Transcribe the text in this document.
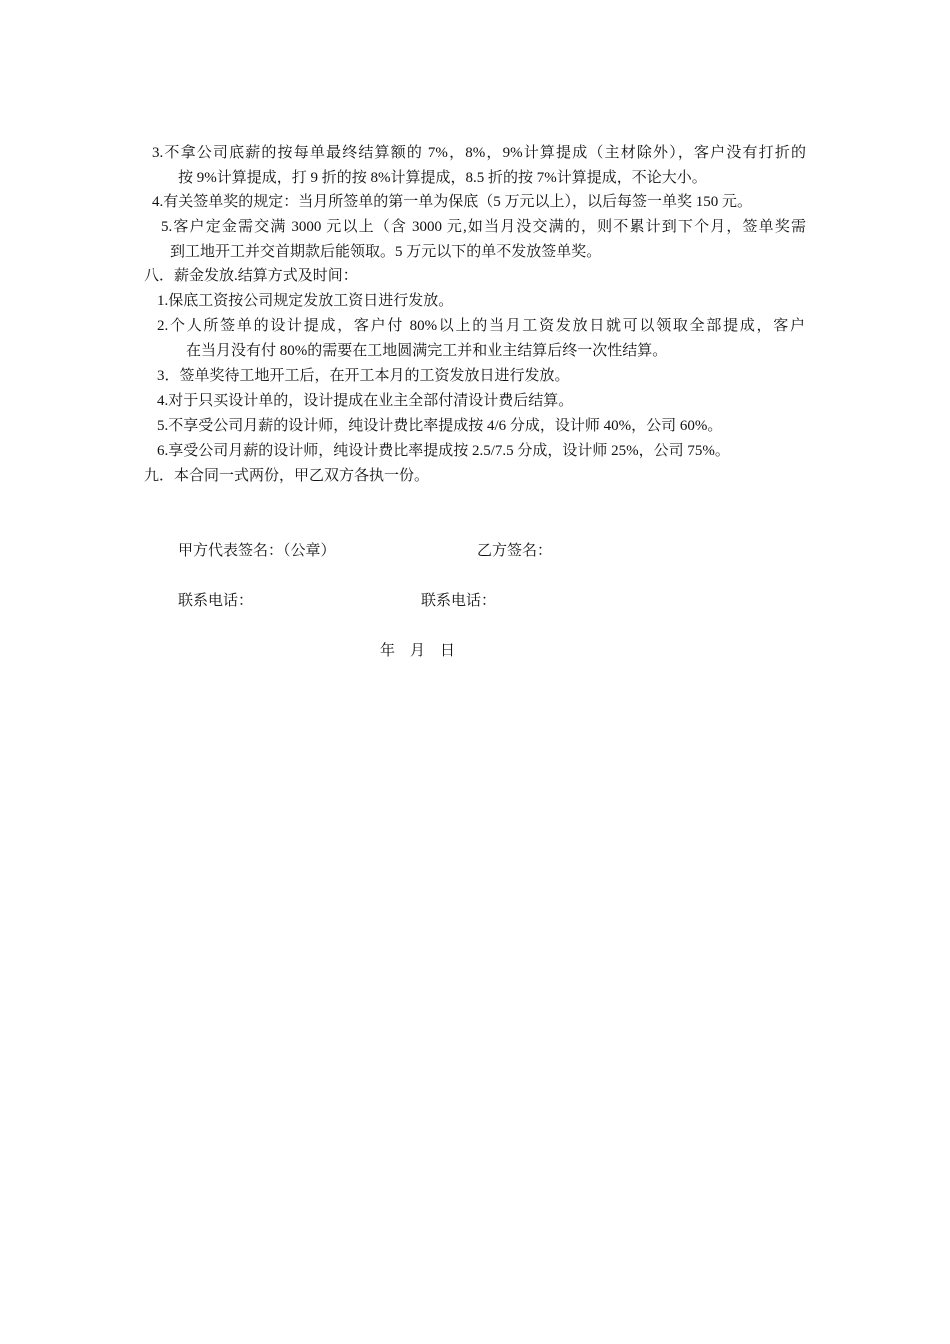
3.不拿公司底薪的按每单最终结算额的 7%，8%，9%计算提成（主材除外），客户没有打折的
按 9%计算提成，打 9 折的按 8%计算提成，8.5 折的按 7%计算提成，不论大小。
4.有关签单奖的规定：当月所签单的第一单为保底（5 万元以上），以后每签一单奖 150 元。
5.客户定金需交满 3000 元以上（含 3000 元,如当月没交满的，则不累计到下个月，签单奖需
到工地开工并交首期款后能领取。5 万元以下的单不发放签单奖。
八．薪金发放.结算方式及时间：
1.保底工资按公司规定发放工资日进行发放。
2.个人所签单的设计提成，客户付 80%以上的当月工资发放日就可以领取全部提成，客户
在当月没有付 80%的需要在工地圆满完工并和业主结算后终一次性结算。
3．签单奖待工地开工后，在开工本月的工资发放日进行发放。
4.对于只买设计单的，设计提成在业主全部付清设计费后结算。
5.不享受公司月薪的设计师，纯设计费比率提成按 4/6 分成，设计师 40%，公司 60%。
6.享受公司月薪的设计师，纯设计费比率提成按 2.5/7.5 分成，设计师 25%，公司 75%。
九．本合同一式两份，甲乙双方各执一份。
甲方代表签名：（公章）	乙方签名：
联系电话：	联系电话：
年    月    日
